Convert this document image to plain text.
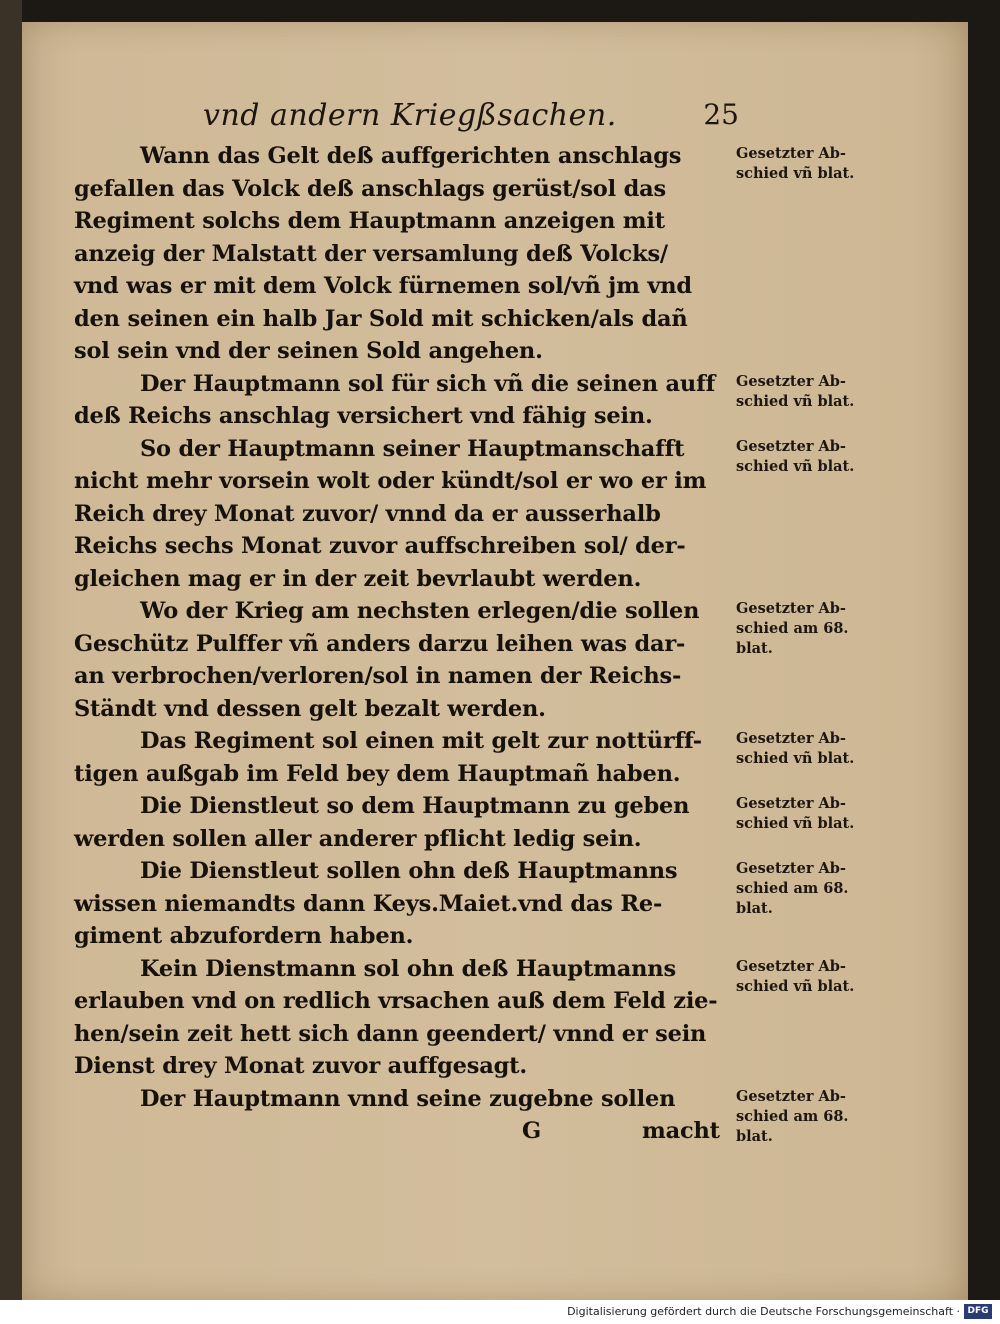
vnd andern Kriegßsachen.	25
Wann das Gelt deß auffgerichten anschlags
gefallen das Volck deß anschlags gerüst/sol das
Regiment solchs dem Hauptmann anzeigen mit
anzeig der Malstatt der versamlung deß Volcks/
vnd was er mit dem Volck fürnemen sol/vñ jm vnd
den seinen ein halb Jar Sold mit schicken/als dañ
sol sein vnd der seinen Sold angehen.
Der Hauptmann sol für sich vñ die seinen auff
deß Reichs anschlag versichert vnd fähig sein.
So der Hauptmann seiner Hauptmanschafft
nicht mehr vorsein wolt oder kündt/sol er wo er im
Reich drey Monat zuvor/ vnnd da er ausserhalb
Reichs sechs Monat zuvor auffschreiben sol/ der-
gleichen mag er in der zeit bevrlaubt werden.
Wo der Krieg am nechsten erlegen/die sollen
Geschütz Pulffer vñ anders darzu leihen was dar-
an verbrochen/verloren/sol in namen der Reichs-
Ständt vnd dessen gelt bezalt werden.
Das Regiment sol einen mit gelt zur nottürff-
tigen außgab im Feld bey dem Hauptmañ haben.
Die Dienstleut so dem Hauptmann zu geben
werden sollen aller anderer pflicht ledig sein.
Die Dienstleut sollen ohn deß Hauptmanns
wissen niemandts dann Keys.Maiet.vnd das Re-
giment abzufordern haben.
Kein Dienstmann sol ohn deß Hauptmanns
erlauben vnd on redlich vrsachen auß dem Feld zie-
hen/sein zeit hett sich dann geendert/ vnnd er sein
Dienst drey Monat zuvor auffgesagt.
Der Hauptmann vnnd seine zugebne sollen
G	macht
Gesetzter Ab-
schied vñ blat.
Gesetzter Ab-
schied vñ blat.
Gesetzter Ab-
schied vñ blat.
Gesetzter Ab-
schied am 68.
blat.
Gesetzter Ab-
schied vñ blat.
Gesetzter Ab-
schied vñ blat.
Gesetzter Ab-
schied am 68.
blat.
Gesetzter Ab-
schied vñ blat.
Gesetzter Ab-
schied am 68.
blat.
Digitalisierung gefördert durch die Deutsche Forschungsgemeinschaft · DFG
